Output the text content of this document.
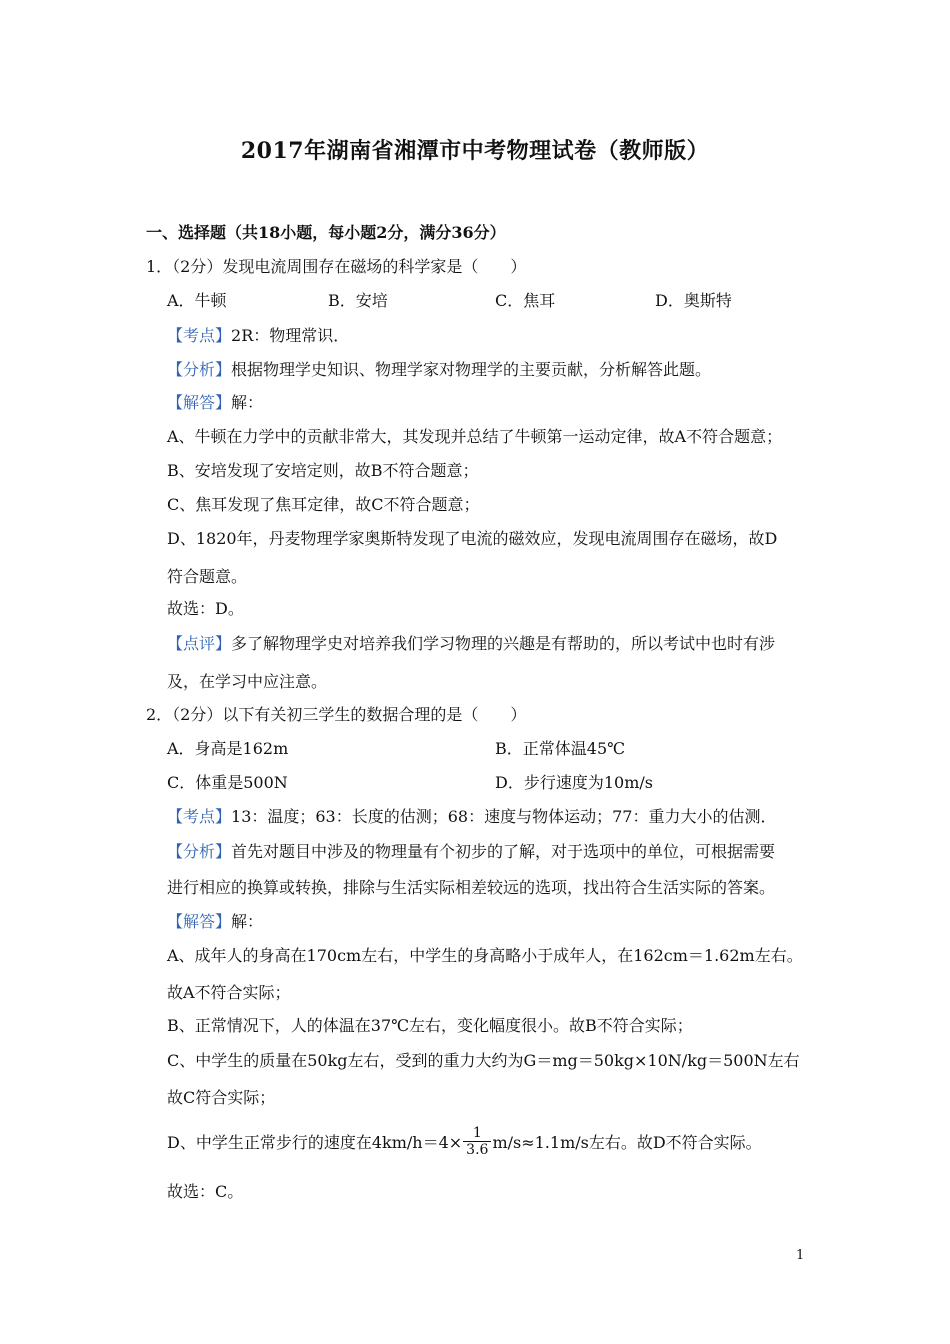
2017年湖南省湘潭市中考物理试卷（教师版）
一、选择题（共18小题，每小题2分，满分36分）
1．（2分）发现电流周围存在磁场的科学家是（　　）
A．牛顿	B．安培	C．焦耳	D．奥斯特
【考点】2R：物理常识．
【分析】根据物理学史知识、物理学家对物理学的主要贡献，分析解答此题。
【解答】解：
A、牛顿在力学中的贡献非常大，其发现并总结了牛顿第一运动定律，故A不符合题意；
B、安培发现了安培定则，故B不符合题意；
C、焦耳发现了焦耳定律，故C不符合题意；
D、1820年，丹麦物理学家奥斯特发现了电流的磁效应，发现电流周围存在磁场，故D
符合题意。
故选：D。
【点评】多了解物理学史对培养我们学习物理的兴趣是有帮助的，所以考试中也时有涉
及，在学习中应注意。
2．（2分）以下有关初三学生的数据合理的是（　　）
A．身高是162m	B．正常体温45℃
C．体重是500N	D．步行速度为10m/s
【考点】13：温度；63：长度的估测；68：速度与物体运动；77：重力大小的估测．
【分析】首先对题目中涉及的物理量有个初步的了解，对于选项中的单位，可根据需要
进行相应的换算或转换，排除与生活实际相差较远的选项，找出符合生活实际的答案。
【解答】解：
A、成年人的身高在170cm左右，中学生的身高略小于成年人，在162cm＝1.62m左右。
故A不符合实际；
B、正常情况下，人的体温在37℃左右，变化幅度很小。故B不符合实际；
C、中学生的质量在50kg左右，受到的重力大约为G＝mg＝50kg×10N/kg＝500N左右
故C符合实际；
D、中学生正常步行的速度在$4km/h=4\times \frac{1}{3.6} m/s\approx 1.1m/s$左右。故D不符合实际。
故选：C。
1
